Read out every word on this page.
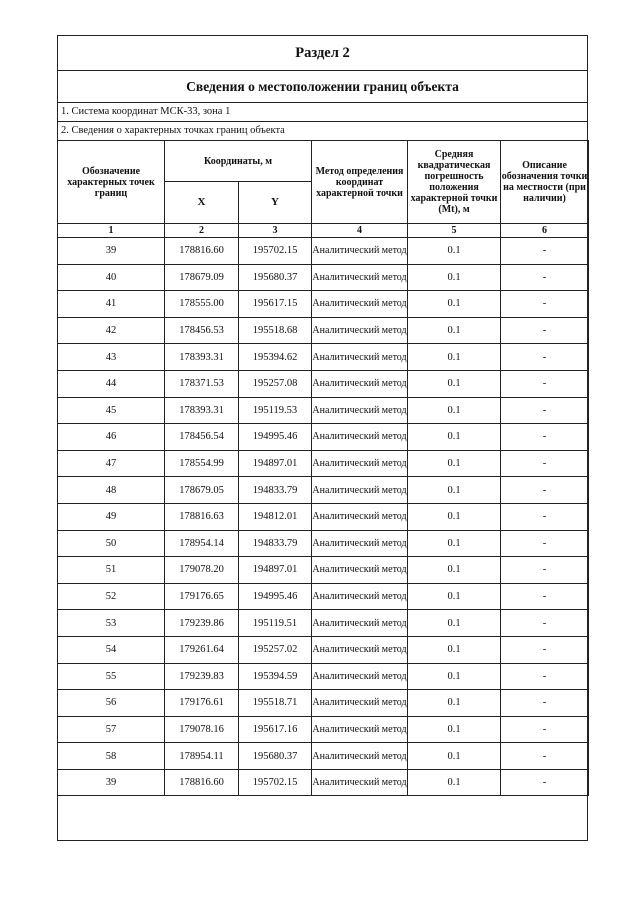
Раздел 2
Сведения о местоположении границ объекта
1. Система координат МСК-33, зона 1
2. Сведения о характерных точках границ объекта
Обозначение характерных точек границ	Координаты, м		Метод определения координат характерной точки	Средняя квадратическая погрешность положения характерной точки (Mt), м	Описание обозначения точки на местности (при наличии)
	X	Y			
1	2	3	4	5	6
39	178816.60	195702.15	Аналитический метод	0.1	-
40	178679.09	195680.37	Аналитический метод	0.1	-
41	178555.00	195617.15	Аналитический метод	0.1	-
42	178456.53	195518.68	Аналитический метод	0.1	-
43	178393.31	195394.62	Аналитический метод	0.1	-
44	178371.53	195257.08	Аналитический метод	0.1	-
45	178393.31	195119.53	Аналитический метод	0.1	-
46	178456.54	194995.46	Аналитический метод	0.1	-
47	178554.99	194897.01	Аналитический метод	0.1	-
48	178679.05	194833.79	Аналитический метод	0.1	-
49	178816.63	194812.01	Аналитический метод	0.1	-
50	178954.14	194833.79	Аналитический метод	0.1	-
51	179078.20	194897.01	Аналитический метод	0.1	-
52	179176.65	194995.46	Аналитический метод	0.1	-
53	179239.86	195119.51	Аналитический метод	0.1	-
54	179261.64	195257.02	Аналитический метод	0.1	-
55	179239.83	195394.59	Аналитический метод	0.1	-
56	179176.61	195518.71	Аналитический метод	0.1	-
57	179078.16	195617.16	Аналитический метод	0.1	-
58	178954.11	195680.37	Аналитический метод	0.1	-
39	178816.60	195702.15	Аналитический метод	0.1	-
